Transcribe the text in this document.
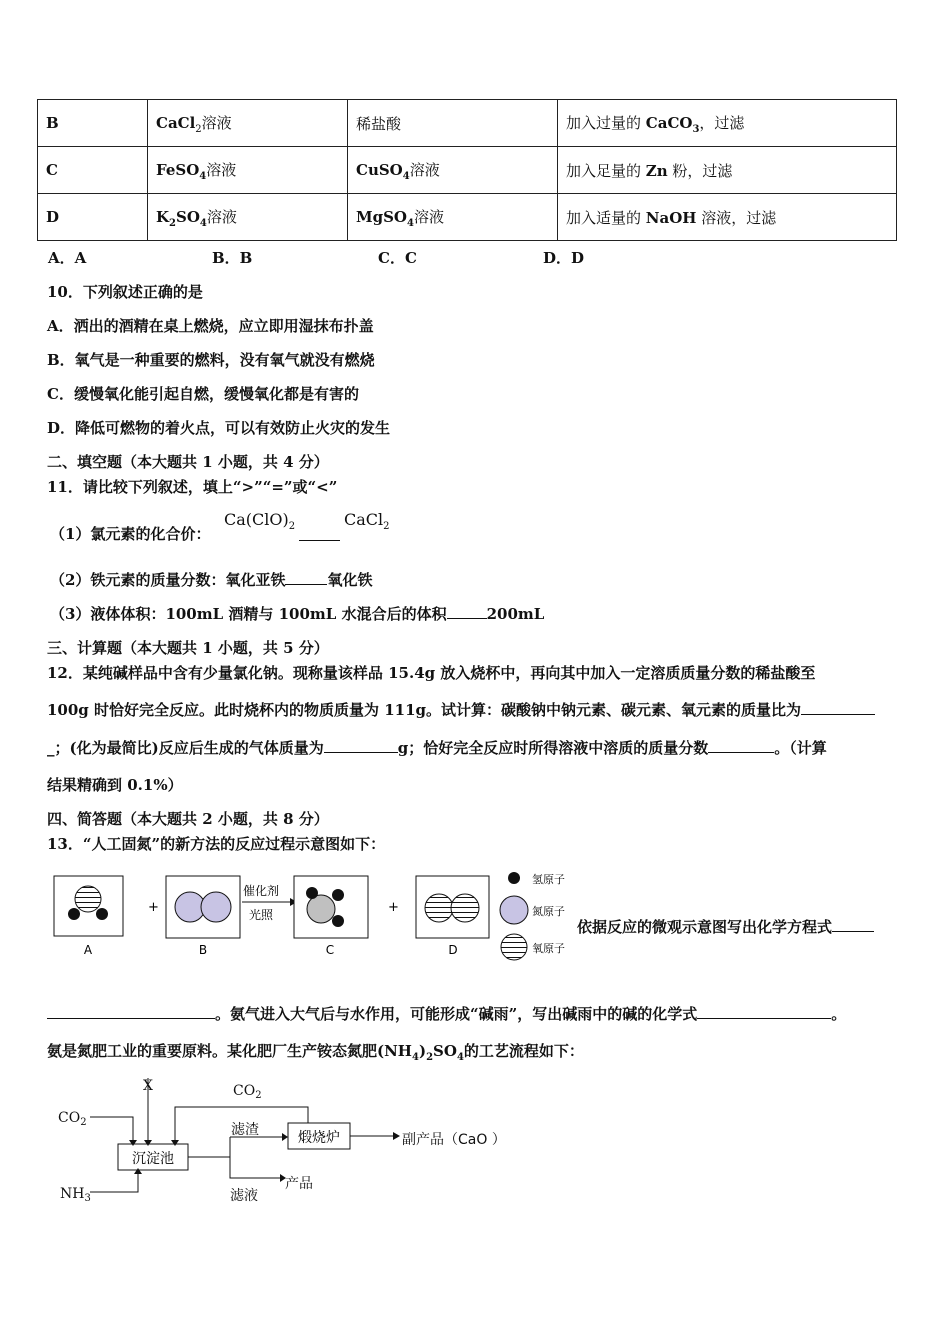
B	CaCl$_2$溶液	稀盐酸	加入过量的 CaCO$_3$，过滤
C	FeSO$_4$溶液	CuSO$_4$溶液	加入足量的 Zn 粉，过滤
D	$K_2SO_4$溶液	MgSO$_4$溶液	加入适量的 NaOH 溶液，过滤
A．A	B．B	C．C	D．D
10．下列叙述正确的是
A．洒出的酒精在桌上燃烧，应立即用湿抹布扑盖
B．氧气是一种重要的燃料，没有氧气就没有燃烧
C．缓慢氧化能引起自燃，缓慢氧化都是有害的
D．降低可燃物的着火点，可以有效防止火灾的发生
二、填空题（本大题共 1 小题，共 4 分）
11．请比较下列叙述，填上“>”“=”或“<”
（1）氯元素的化合价：
$Ca(ClO)_2$	CaCl$_2$
（2）铁元素的质量分数：氧化亚铁	氧化铁
（3）液体体积：100mL 酒精与 100mL 水混合后的体积	200mL
三、计算题（本大题共 1 小题，共 5 分）
12．某纯碱样品中含有少量氯化钠。现称量该样品 15.4g 放入烧杯中，再向其中加入一定溶质质量分数的稀盐酸至
100g 时恰好完全反应。此时烧杯内的物质质量为 111g。试计算：碳酸钠中钠元素、碳元素、氧元素的质量比为
_；(化为最简比)反应后生成的气体质量为	g；恰好完全反应时所得溶液中溶质的质量分数	。（计算
结果精确到 0.1%）
四、简答题（本大题共 2 小题，共 8 分）
13．“人工固氮”的新方法的反应过程示意图如下：
A
+
B
催化剂
光照
C
+
D
氢原子
氮原子
氧原子
依据反应的微观示意图写出化学方程式
。氨气进入大气后与水作用，可能形成“碱雨”，写出碱雨中的碱的化学式	。
氨是氮肥工业的重要原料。某化肥厂生产铵态氮肥$(NH_4)_2SO_4$的工艺流程如下：
X
$CO_2$
$NH_3$
$CO_2$
滤渣
滤液
产品
副产品（CaO ）
沉淀池
煅烧炉
